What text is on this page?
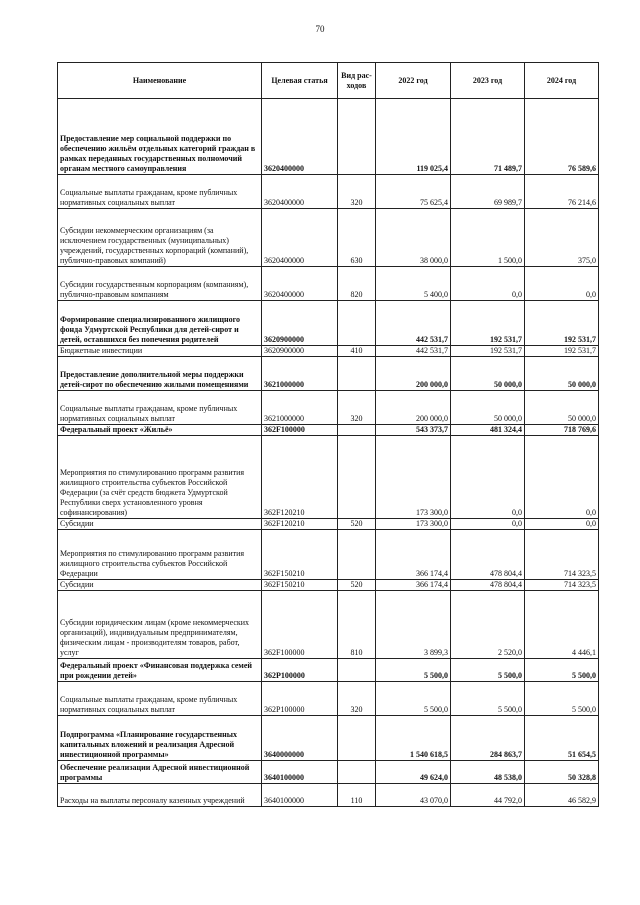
70
Наименование	Целевая статья	Вид рас-ходов	2022 год	2023 год	2024 год
Предоставление мер социальной поддержки по обеспечению жильём отдельных категорий граждан в рамках переданных государственных полномочий органам местного самоуправления	3620400000		119 025,4	71 489,7	76 589,6
Социальные выплаты гражданам, кроме публичных нормативных социальных выплат	3620400000	320	75 625,4	69 989,7	76 214,6
Субсидии некоммерческим организациям (за исключением государственных (муниципальных) учреждений, государственных корпораций (компаний), публично-правовых компаний)	3620400000	630	38 000,0	1 500,0	375,0
Субсидии государственным корпорациям (компаниям), публично-правовым компаниям	3620400000	820	5 400,0	0,0	0,0
Формирование специализированного жилищного фонда Удмуртской Республики для детей-сирот и детей, оставшихся без попечения родителей	3620900000		442 531,7	192 531,7	192 531,7
Бюджетные инвестиции	3620900000	410	442 531,7	192 531,7	192 531,7
Предоставление дополнительной меры поддержки детей-сирот по обеспечению жилыми помещениями	3621000000		200 000,0	50 000,0	50 000,0
Социальные выплаты гражданам, кроме публичных нормативных социальных выплат	3621000000	320	200 000,0	50 000,0	50 000,0
Федеральный проект «Жильё»	362F100000		543 373,7	481 324,4	718 769,6
Мероприятия по стимулированию программ развития жилищного строительства субъектов Российской Федерации (за счёт средств бюджета Удмуртской Республики сверх установленного уровня софинансирования)	362F120210		173 300,0	0,0	0,0
Субсидии	362F120210	520	173 300,0	0,0	0,0
Мероприятия по стимулированию программ развития жилищного строительства субъектов Российской Федерации	362F150210		366 174,4	478 804,4	714 323,5
Субсидии	362F150210	520	366 174,4	478 804,4	714 323,5
Субсидии юридическим лицам (кроме некоммерческих организаций), индивидуальным предпринимателям, физическим лицам - производителям товаров, работ, услуг	362F100000	810	3 899,3	2 520,0	4 446,1
Федеральный проект «Финансовая поддержка семей при рождении детей»	362P100000		5 500,0	5 500,0	5 500,0
Социальные выплаты гражданам, кроме публичных нормативных социальных выплат	362P100000	320	5 500,0	5 500,0	5 500,0
Подпрограмма «Планирование государственных капитальных вложений и реализация Адресной инвестиционной программы»	3640000000		1 540 618,5	284 863,7	51 654,5
Обеспечение реализации Адресной инвестиционной программы	3640100000		49 624,0	48 538,0	50 328,8
Расходы на выплаты персоналу казенных учреждений	3640100000	110	43 070,0	44 792,0	46 582,9
